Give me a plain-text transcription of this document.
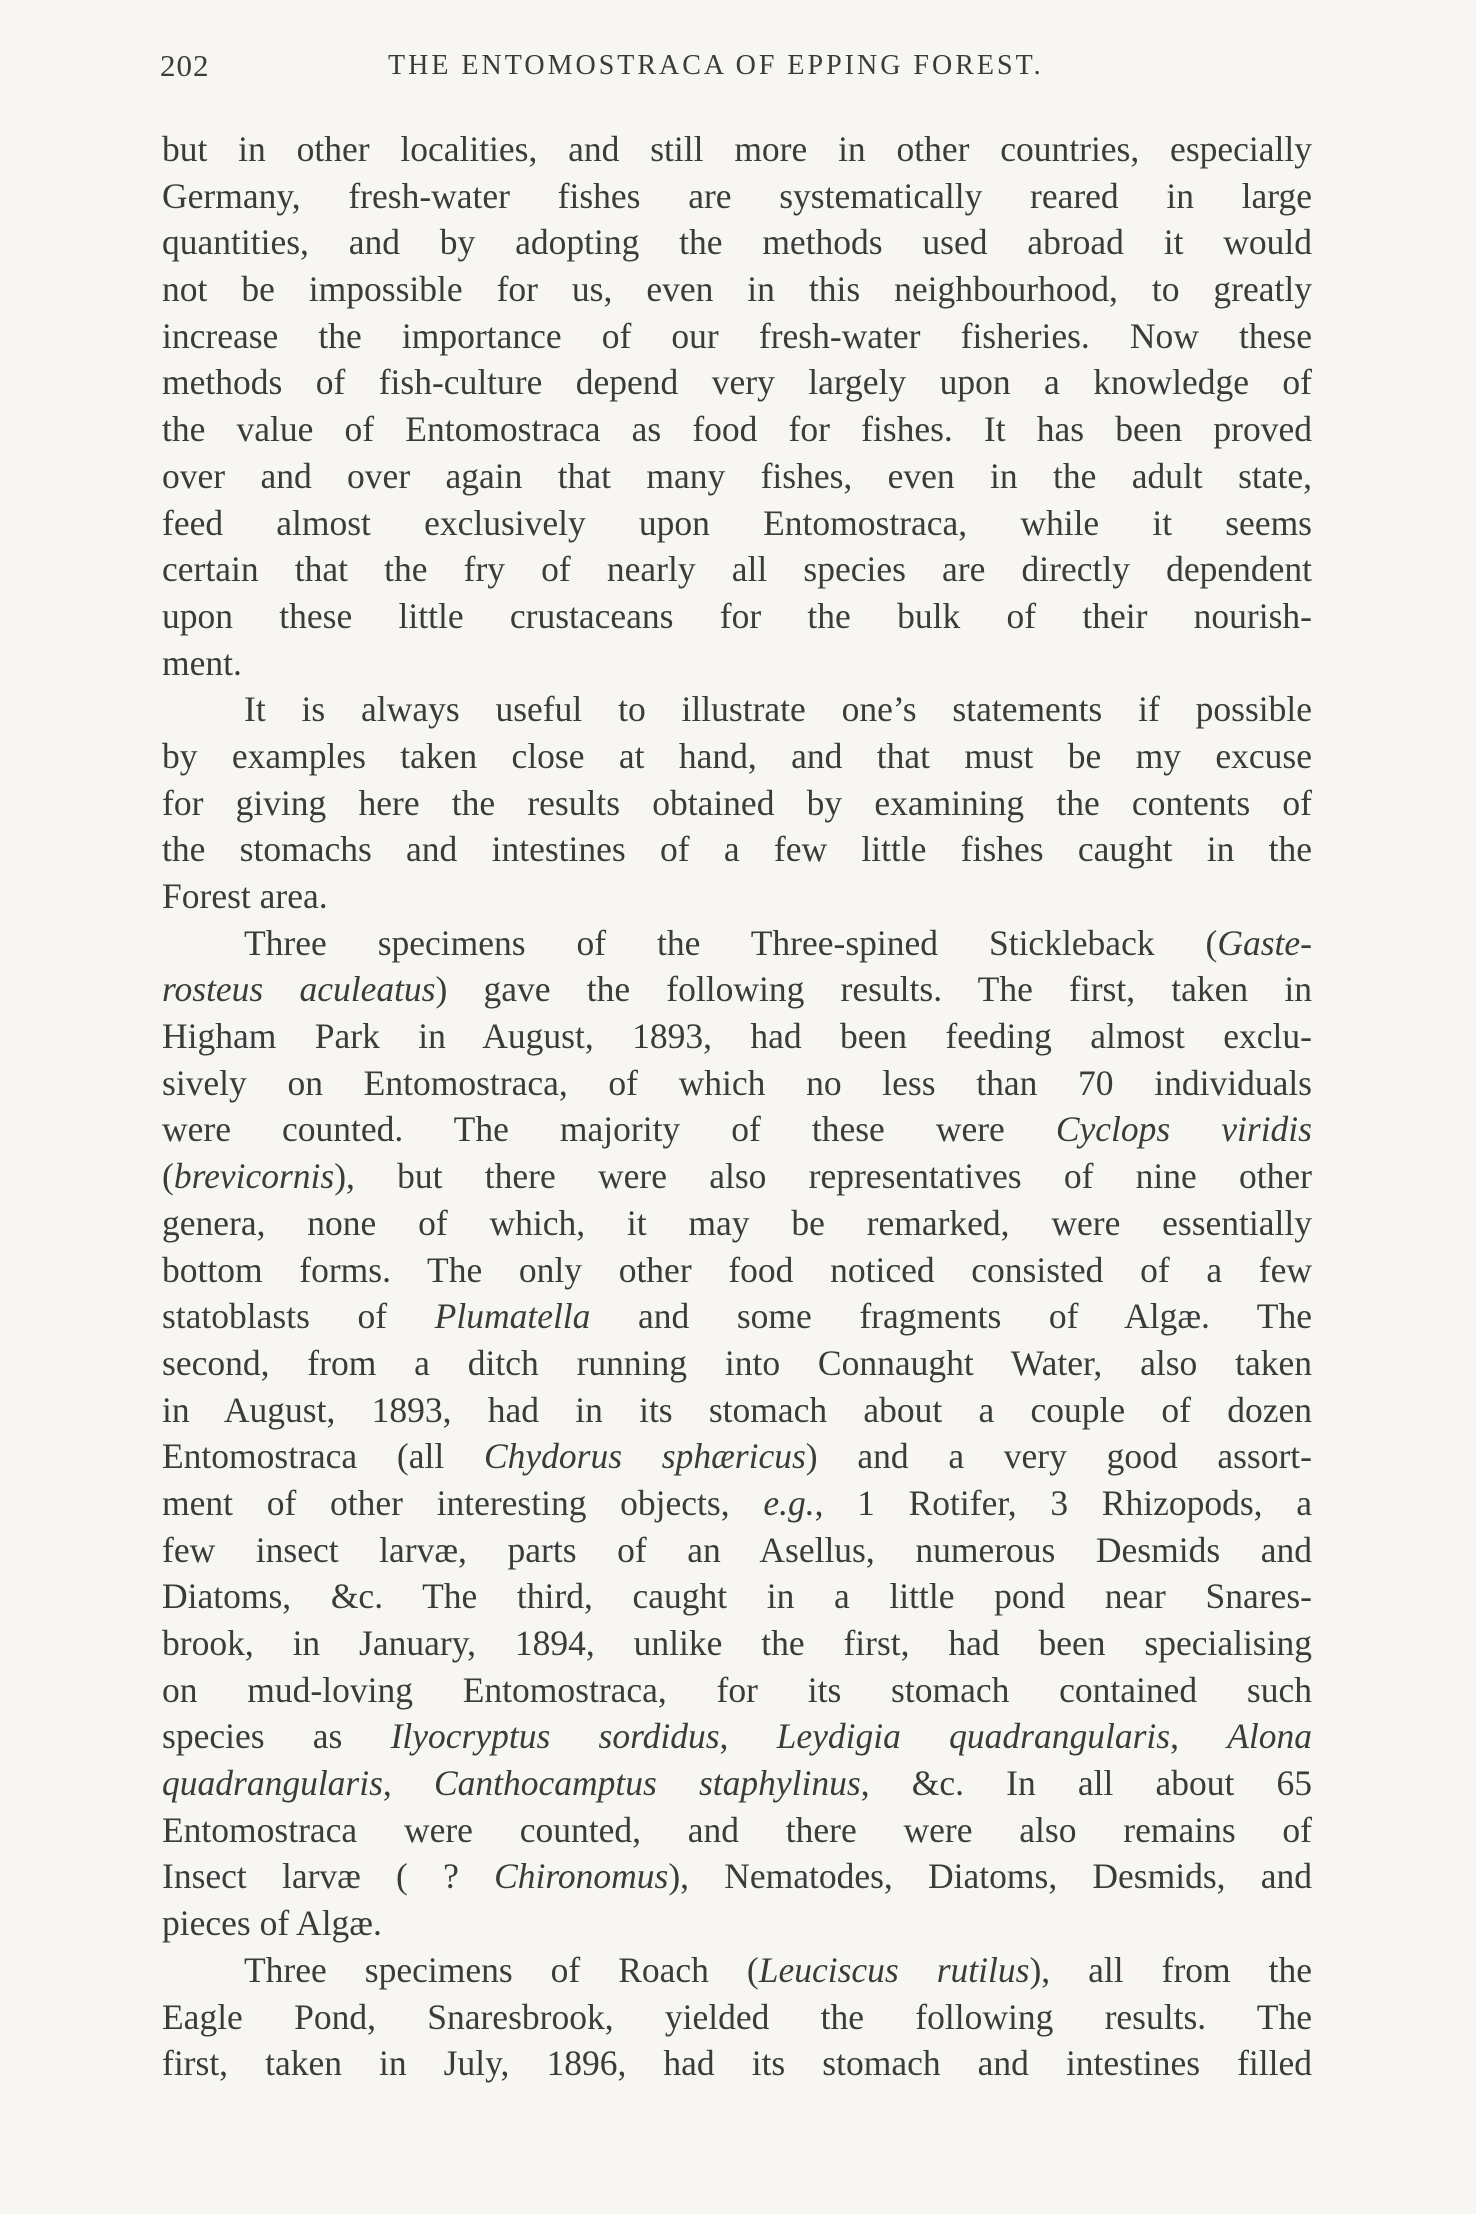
202	THE ENTOMOSTRACA OF EPPING FOREST.
but in other localities, and still more in other countries, especially
Germany, fresh-water fishes are systematically reared in large
quantities, and by adopting the methods used abroad it would
not be impossible for us, even in this neighbourhood, to greatly
increase the importance of our fresh-water fisheries. Now these
methods of fish-culture depend very largely upon a knowledge of
the value of Entomostraca as food for fishes. It has been proved
over and over again that many fishes, even in the adult state,
feed almost exclusively upon Entomostraca, while it seems
certain that the fry of nearly all species are directly dependent
upon these little crustaceans for the bulk of their nourish-
ment.
It is always useful to illustrate one’s statements if possible
by examples taken close at hand, and that must be my excuse
for giving here the results obtained by examining the contents of
the stomachs and intestines of a few little fishes caught in the
Forest area.
Three specimens of the Three-spined Stickleback (Gaste-
rosteus aculeatus) gave the following results. The first, taken in
Higham Park in August, 1893, had been feeding almost exclu-
sively on Entomostraca, of which no less than 70 individuals
were counted. The majority of these were Cyclops viridis
(brevicornis), but there were also representatives of nine other
genera, none of which, it may be remarked, were essentially
bottom forms. The only other food noticed consisted of a few
statoblasts of Plumatella and some fragments of Algæ. The
second, from a ditch running into Connaught Water, also taken
in August, 1893, had in its stomach about a couple of dozen
Entomostraca (all Chydorus sphæricus) and a very good assort-
ment of other interesting objects, e.g., 1 Rotifer, 3 Rhizopods, a
few insect larvæ, parts of an Asellus, numerous Desmids and
Diatoms, &c. The third, caught in a little pond near Snares-
brook, in January, 1894, unlike the first, had been specialising
on mud-loving Entomostraca, for its stomach contained such
species as Ilyocryptus sordidus, Leydigia quadrangularis, Alona
quadrangularis, Canthocamptus staphylinus, &c. In all about 65
Entomostraca were counted, and there were also remains of
Insect larvæ ( ? Chironomus), Nematodes, Diatoms, Desmids, and
pieces of Algæ.
Three specimens of Roach (Leuciscus rutilus), all from the
Eagle Pond, Snaresbrook, yielded the following results. The
first, taken in July, 1896, had its stomach and intestines filled
